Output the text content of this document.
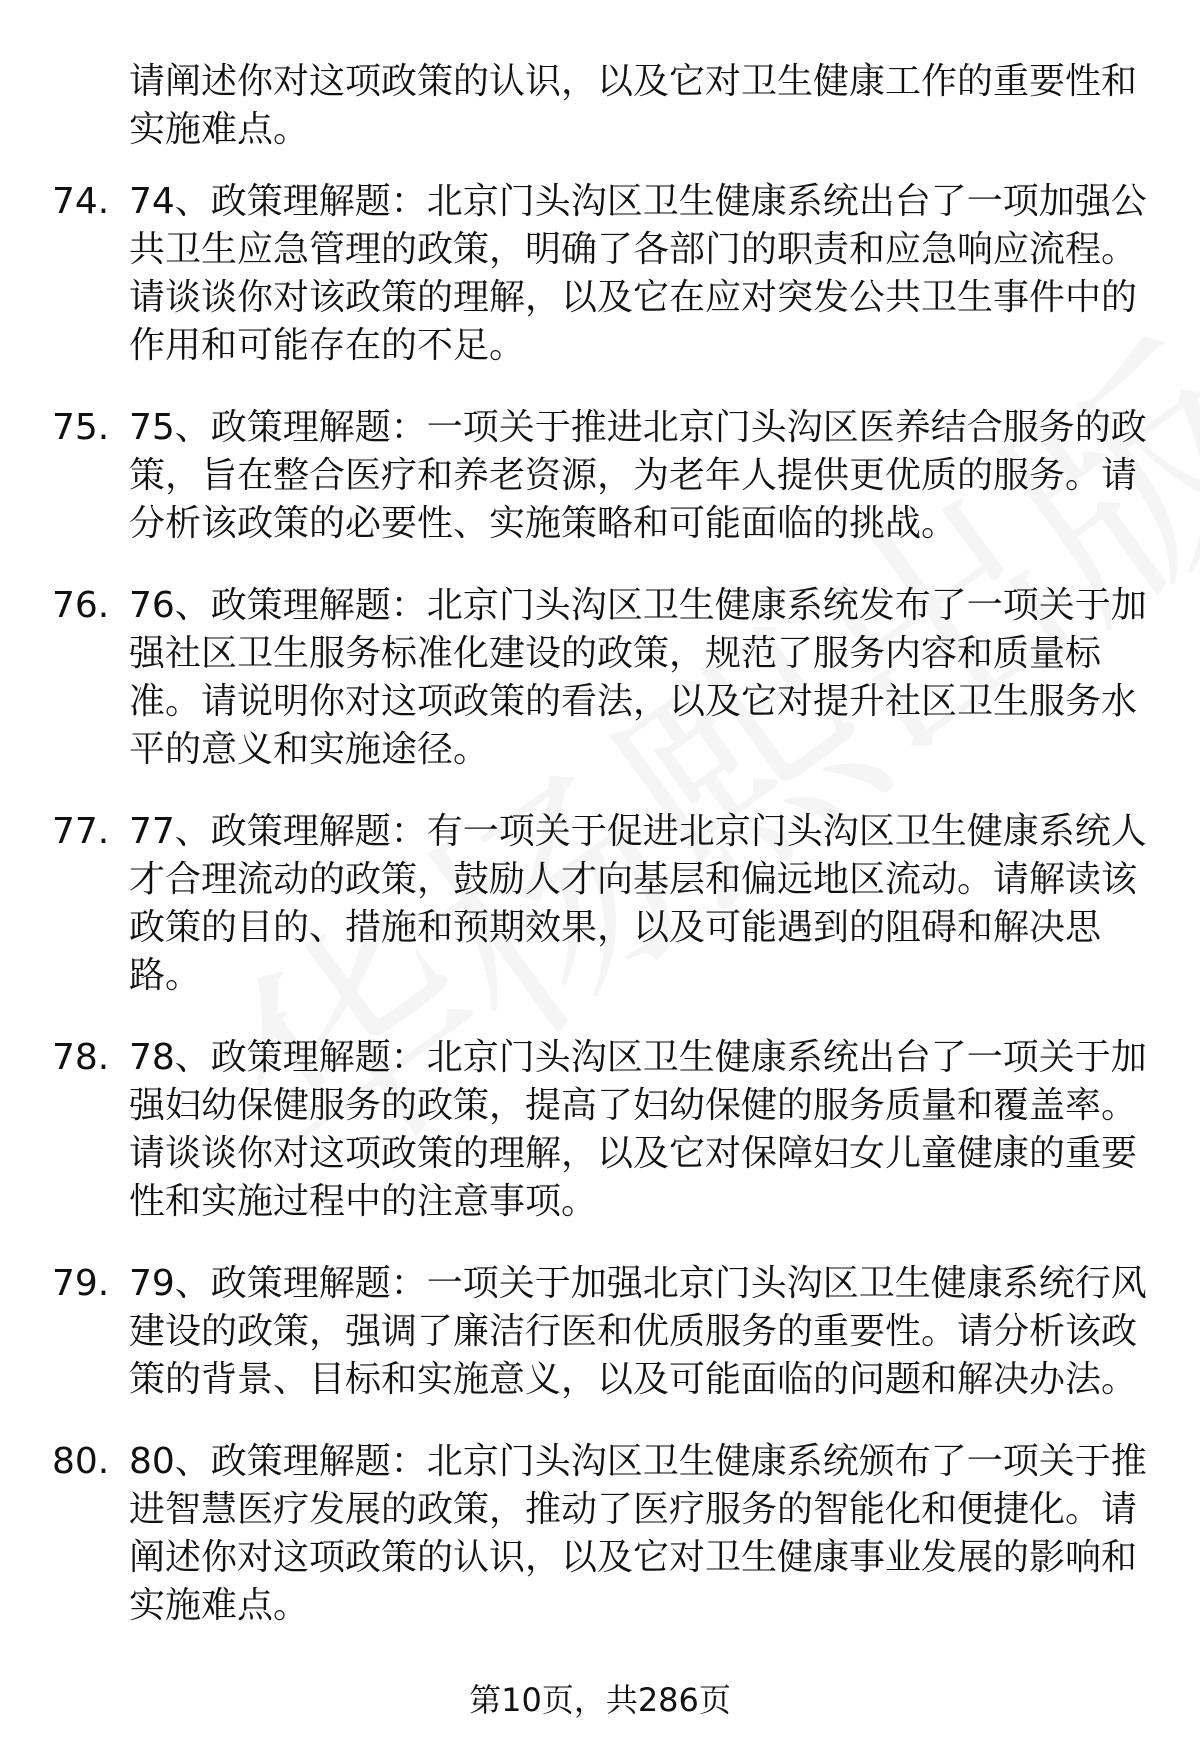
请阐述你对这项政策的认识，以及它对卫生健康工作的重要性和实施难点。

74. 74、政策理解题：北京门头沟区卫生健康系统出台了一项加强公共卫生应急管理的政策，明确了各部门的职责和应急响应流程。请谈谈你对该政策的理解，以及它在应对突发公共卫生事件中的作用和可能存在的不足。
75. 75、政策理解题：一项关于推进北京门头沟区医养结合服务的政策，旨在整合医疗和养老资源，为老年人提供更优质的服务。请分析该政策的必要性、实施策略和可能面临的挑战。
76. 76、政策理解题：北京门头沟区卫生健康系统发布了一项关于加强社区卫生服务标准化建设的政策，规范了服务内容和质量标准。请说明你对这项政策的看法，以及它对提升社区卫生服务水平的意义和实施途径。
77. 77、政策理解题：有一项关于促进北京门头沟区卫生健康系统人才合理流动的政策，鼓励人才向基层和偏远地区流动。请解读该政策的目的、措施和预期效果，以及可能遇到的阻碍和解决思路。
78. 78、政策理解题：北京门头沟区卫生健康系统出台了一项关于加强妇幼保健服务的政策，提高了妇幼保健的服务质量和覆盖率。请谈谈你对这项政策的理解，以及它对保障妇女儿童健康的重要性和实施过程中的注意事项。
79. 79、政策理解题：一项关于加强北京门头沟区卫生健康系统行风建设的政策，强调了廉洁行医和优质服务的重要性。请分析该政策的背景、目标和实施意义，以及可能面临的问题和解决办法。
80. 80、政策理解题：北京门头沟区卫生健康系统颁布了一项关于推进智慧医疗发展的政策，推动了医疗服务的智能化和便捷化。请阐述你对这项政策的认识，以及它对卫生健康事业发展的影响和实施难点。
第10页，共286页
